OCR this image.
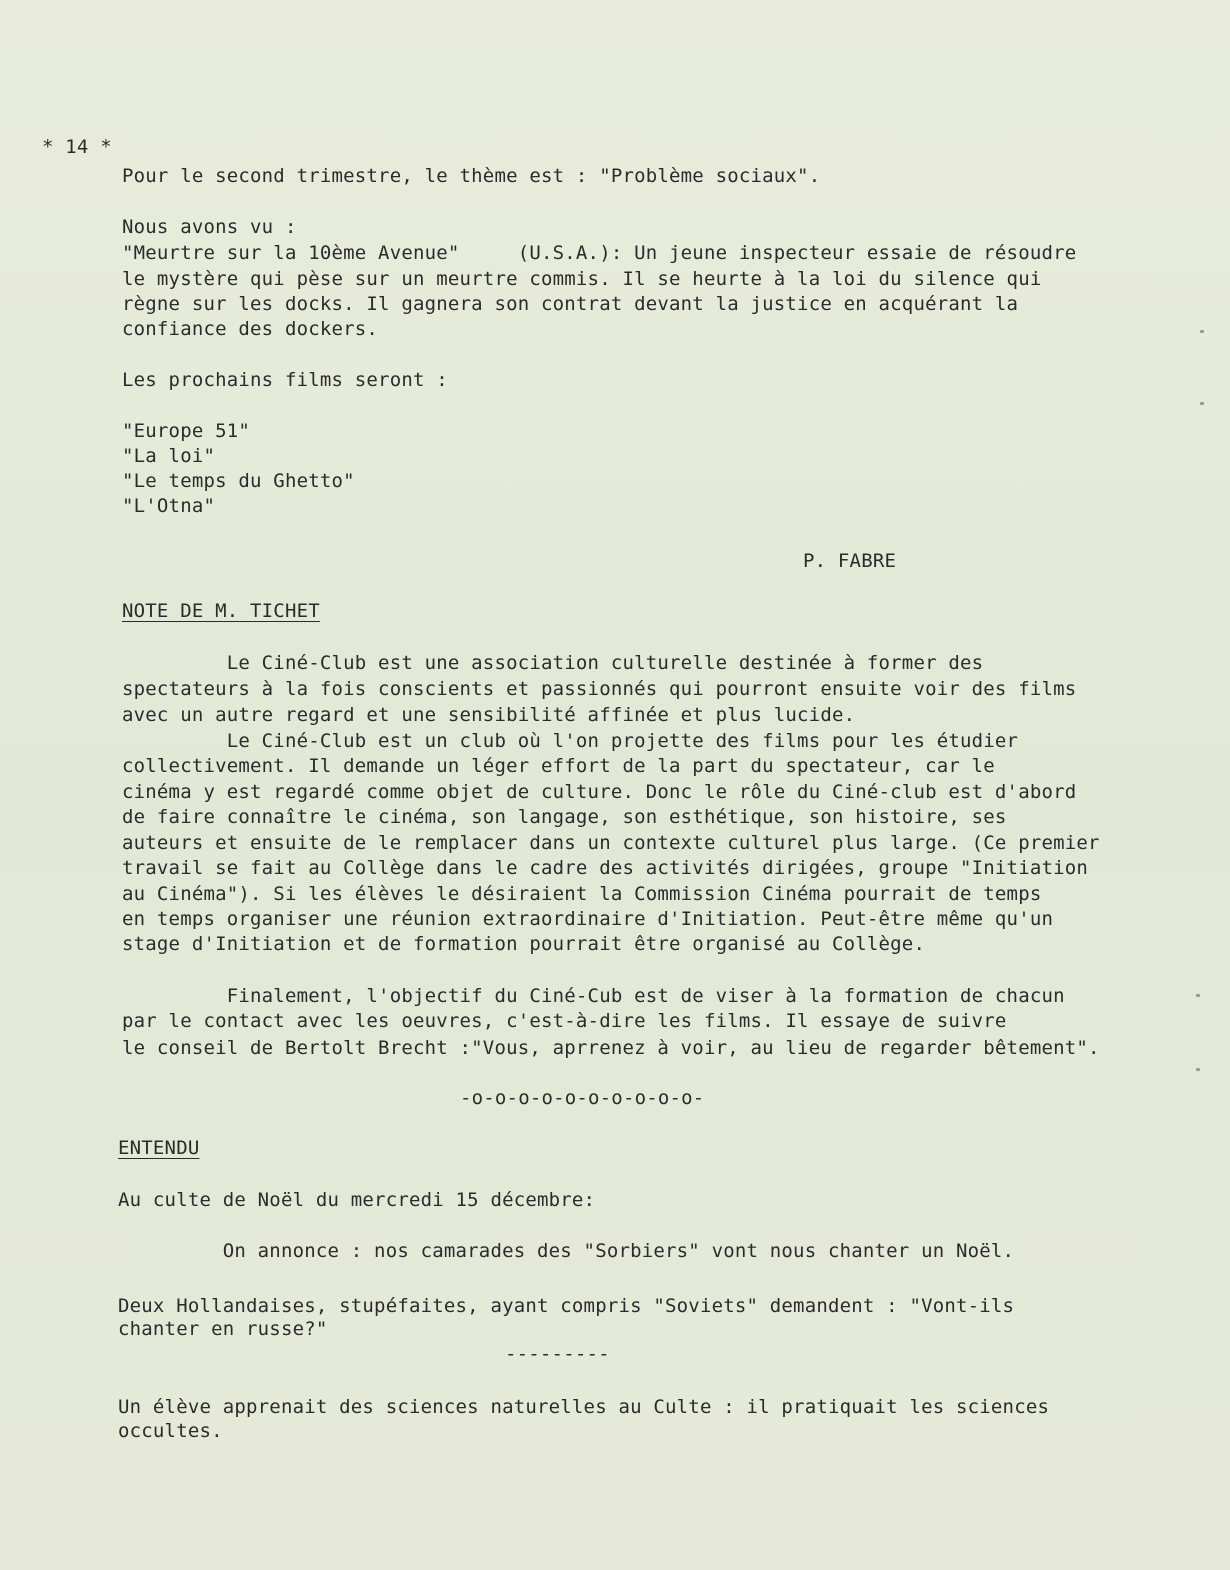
* 14 *
Pour le second trimestre, le thème est : "Problème sociaux".
Nous avons vu :
"Meurtre sur la 10ème Avenue"     (U.S.A.): Un jeune inspecteur essaie de résoudre
le mystère qui pèse sur un meurtre commis. Il se heurte à la loi du silence qui
règne sur les docks. Il gagnera son contrat devant la justice en acquérant la
confiance des dockers.
Les prochains films seront :
"Europe 51"
"La loi"
"Le temps du Ghetto"
"L'Otna"
P. FABRE
NOTE DE M. TICHET
Le Ciné-Club est une association culturelle destinée à former des
spectateurs à la fois conscients et passionnés qui pourront ensuite voir des films
avec un autre regard et une sensibilité affinée et plus lucide.
Le Ciné-Club est un club où l'on projette des films pour les étudier
collectivement. Il demande un léger effort de la part du spectateur, car le
cinéma y est regardé comme objet de culture. Donc le rôle du Ciné-club est d'abord
de faire connaître le cinéma, son langage, son esthétique, son histoire, ses
auteurs et ensuite de le remplacer dans un contexte culturel plus large. (Ce premier
travail se fait au Collège dans le cadre des activités dirigées, groupe "Initiation
au Cinéma"). Si les élèves le désiraient la Commission Cinéma pourrait de temps
en temps organiser une réunion extraordinaire d'Initiation. Peut-être même qu'un
stage d'Initiation et de formation pourrait être organisé au Collège.
Finalement, l'objectif du Ciné-Cub est de viser à la formation de chacun
par le contact avec les oeuvres, c'est-à-dire les films. Il essaye de suivre
le conseil de Bertolt Brecht :"Vous, aprrenez à voir, au lieu de regarder bêtement".
-o-o-o-o-o-o-o-o-o-o-
ENTENDU
Au culte de Noël du mercredi 15 décembre:
On annonce : nos camarades des "Sorbiers" vont nous chanter un Noël.
Deux Hollandaises, stupéfaites, ayant compris "Soviets" demandent : "Vont-ils
chanter en russe?"
---------
Un élève apprenait des sciences naturelles au Culte : il pratiquait les sciences
occultes.
